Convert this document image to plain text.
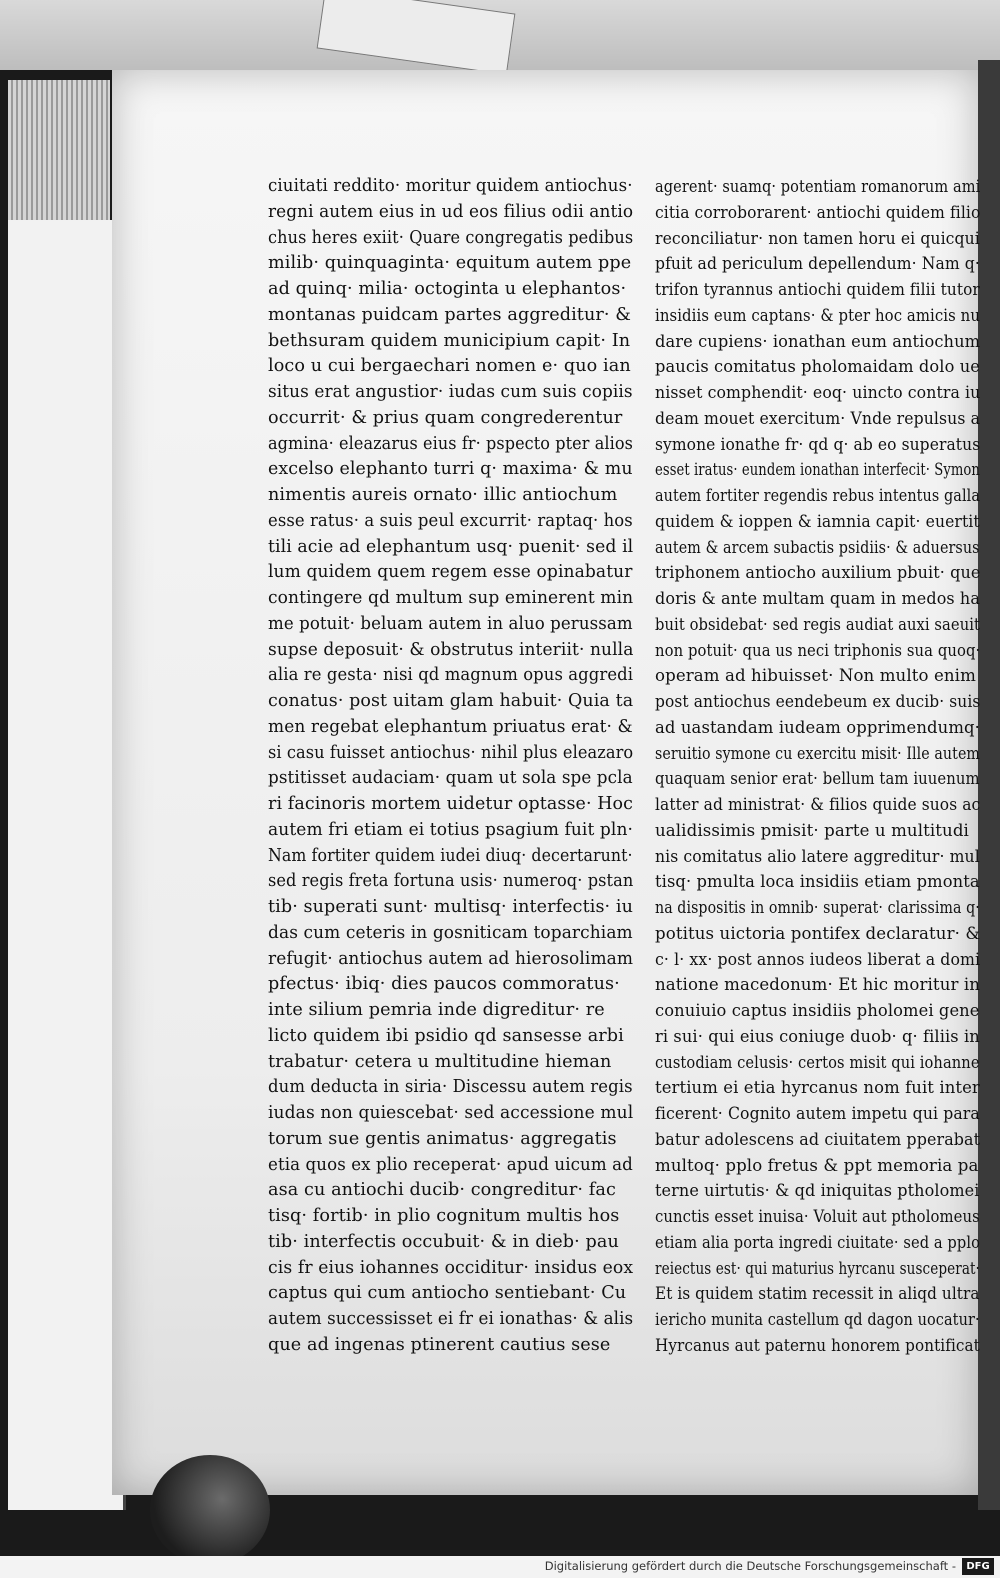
ciuitati reddito· moritur quidem antiochus·
regni autem eius in ud eos filius odii antio
chus heres exiit· Quare congregatis pedibus
milib· quinquaginta· equitum autem ppe
ad quinq· milia· octoginta u elephantos·
montanas puidcam partes aggreditur· &
bethsuram quidem municipium capit· In
loco u cui bergaechari nomen e· quo ian
situs erat angustior· iudas cum suis copiis
occurrit· & prius quam congrederentur
agmina· eleazarus eius fr· pspecto pter alios
excelso elephanto turri q· maxima· & mu
nimentis aureis ornato· illic antiochum
esse ratus· a suis peul excurrit· raptaq· hos
tili acie ad elephantum usq· puenit· sed il
lum quidem quem regem esse opinabatur
contingere qd multum sup eminerent min
me potuit· beluam autem in aluo perussam
supse deposuit· & obstrutus interiit· nulla
alia re gesta· nisi qd magnum opus aggredi
conatus· post uitam glam habuit· Quia ta
men regebat elephantum priuatus erat· &
si casu fuisset antiochus· nihil plus eleazaro
pstitisset audaciam· quam ut sola spe pcla
ri facinoris mortem uidetur optasse· Hoc
autem fri etiam ei totius psagium fuit pln·
Nam fortiter quidem iudei diuq· decertarunt·
sed regis freta fortuna usis· numeroq· pstan
tib· superati sunt· multisq· interfectis· iu
das cum ceteris in gosniticam toparchiam
refugit· antiochus autem ad hierosolimam
pfectus· ibiq· dies paucos commoratus·
inte silium pemria inde digreditur· re
licto quidem ibi psidio qd sansesse arbi
trabatur· cetera u multitudine hieman
dum deducta in siria· Discessu autem regis
iudas non quiescebat· sed accessione mul
torum sue gentis animatus· aggregatis
etia quos ex plio receperat· apud uicum ad
asa cu antiochi ducib· congreditur· fac
tisq· fortib· in plio cognitum multis hos
tib· interfectis occubuit· & in dieb· pau
cis fr eius iohannes occiditur· insidus eox
captus qui cum antiocho sentiebant· Cu
autem successisset ei fr ei ionathas· & alis
que ad ingenas ptinerent cautius sese
agerent· suamq· potentiam romanorum ami
citia corroborarent· antiochi quidem filio
reconciliatur· non tamen horu ei quicqui
pfuit ad periculum depellendum· Nam q·
trifon tyrannus antiochi quidem filii tutor
insidiis eum captans· & pter hoc amicis nu
dare cupiens· ionathan eum antiochum
paucis comitatus pholomaidam dolo ue
nisset comphendit· eoq· uincto contra iu
deam mouet exercitum· Vnde repulsus a
symone ionathe fr· qd q· ab eo superatus
esset iratus· eundem ionathan interfecit· Symon
autem fortiter regendis rebus intentus galla
quidem & ioppen & iamnia capit· euertit
autem & arcem subactis psidiis· & aduersus
triphonem antiocho auxilium pbuit· que
doris & ante multam quam in medos ha
buit obsidebat· sed regis audiat auxi saeuit
non potuit· qua us neci triphonis sua quoq·
operam ad hibuisset· Non multo enim
post antiochus eendebeum ex ducib· suis
ad uastandam iudeam opprimendumq·
seruitio symone cu exercitu misit· Ille autem
quaquam senior erat· bellum tam iuuenum
latter ad ministrat· & filios quide suos ac
ualidissimis pmisit· parte u multitudi
nis comitatus alio latere aggreditur· mul
tisq· pmulta loca insidiis etiam pmonta
na dispositis in omnib· superat· clarissima q·
potitus uictoria pontifex declaratur· &
c· l· xx· post annos iudeos liberat a domi
natione macedonum· Et hic moritur in
conuiuio captus insidiis pholomei gene
ri sui· qui eius coniuge duob· q· filiis in
custodiam celusis· certos misit qui iohanne
tertium ei etia hyrcanus nom fuit inter
ficerent· Cognito autem impetu qui para
batur adolescens ad ciuitatem pperabat
multoq· pplo fretus & ppt memoria pa
terne uirtutis· & qd iniquitas ptholomei
cunctis esset inuisa· Voluit aut ptholomeus
etiam alia porta ingredi ciuitate· sed a pplo
reiectus est· qui maturius hyrcanu susceperat·
Et is quidem statim recessit in aliqd ultra
iericho munita castellum qd dagon uocatur·
Hyrcanus aut paternu honorem pontificat
Digitalisierung gefördert durch die Deutsche Forschungsgemeinschaft -	DFG
